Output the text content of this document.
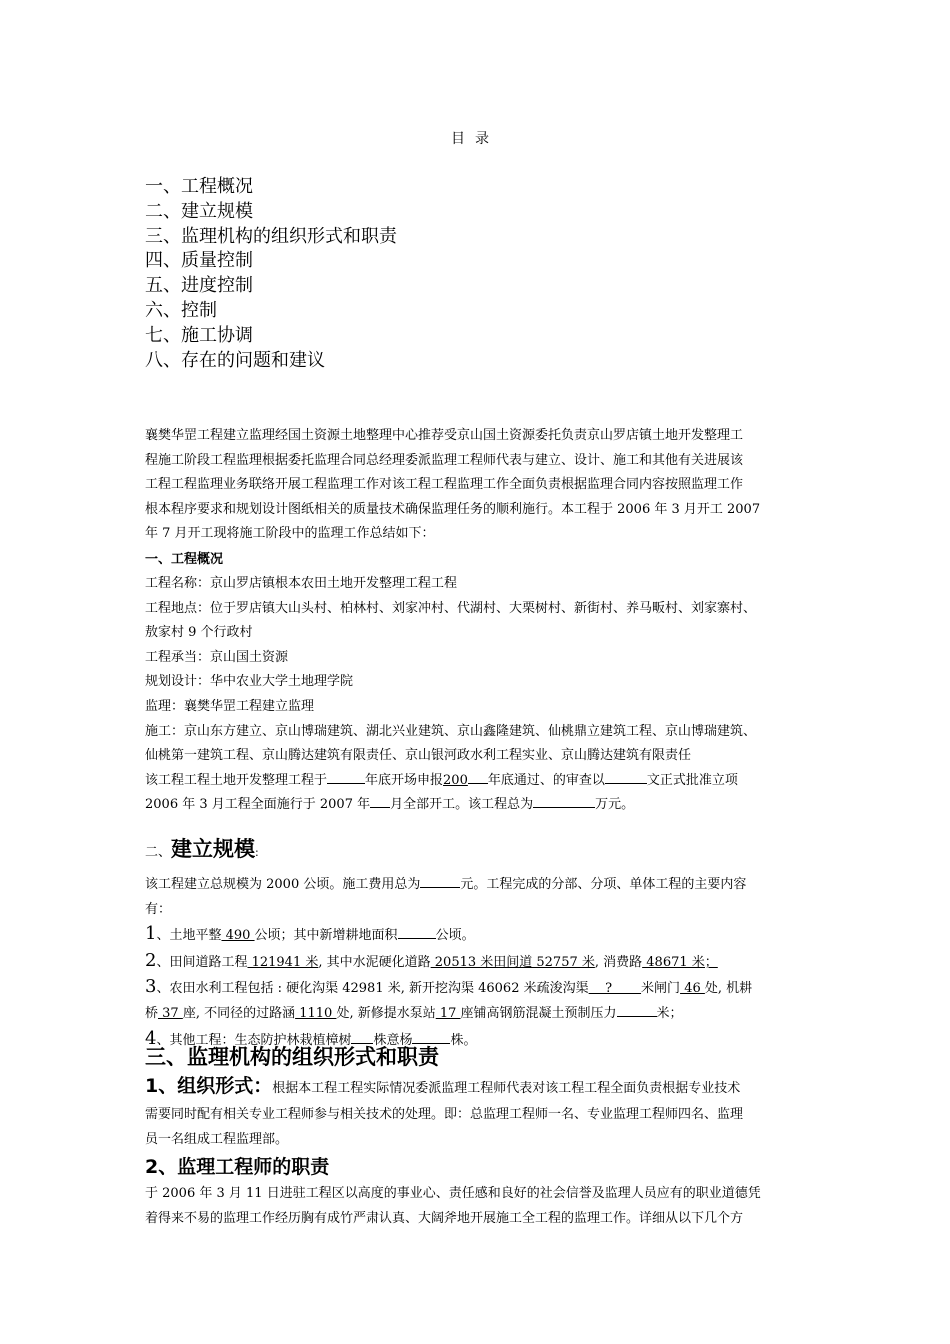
目录
一、工程概况
二、建立规模
三、监理机构的组织形式和职责
四、质量控制
五、进度控制
六、控制
七、施工协调
八、存在的问题和建议
襄樊华罡工程建立监理经国土资源土地整理中心推荐受京山国土资源委托负责京山罗店镇土地开发整理工
程施工阶段工程监理根据委托监理合同总经理委派监理工程师代表与建立、设计、施工和其他有关进展该
工程工程监理业务联络开展工程监理工作对该工程工程监理工作全面负责根据监理合同内容按照监理工作
根本程序要求和规划设计图纸相关的质量技术确保监理任务的顺利施行。本工程于 2006 年 3 月开工 2007
年 7 月开工现将施工阶段中的监理工作总结如下：
一、工程概况
工程名称：京山罗店镇根本农田土地开发整理工程工程
工程地点：位于罗店镇大山头村、柏林村、刘家冲村、代湖村、大栗树村、新街村、养马畈村、刘家寨村、
敖家村 9 个行政村
工程承当：京山国土资源
规划设计：华中农业大学土地理学院
监理：襄樊华罡工程建立监理
施工：京山东方建立、京山博瑞建筑、湖北兴业建筑、京山鑫隆建筑、仙桃鼎立建筑工程、京山博瑞建筑、
仙桃第一建筑工程、京山腾达建筑有限责任、京山银河政水利工程实业、京山腾达建筑有限责任
该工程工程土地开发整理工程于	年底开场申报200 年底通过、的审查以	文正式批准立项
2006 年 3 月工程全面施行于 2007 年 月全部开工。该工程总为	万元。
二、建立规模:
该工程建立总规模为 2000 公顷。施工费用总为	元。工程完成的分部、分项、单体工程的主要内容
有：
1、土地平整 490 公顷；其中新增耕地面积	公顷。
2、田间道路工程 121941 米, 其中水泥硬化道路 20513 米田间道 52757 米, 消费路 48671 米；
3、农田水利工程包括 : 硬化沟渠 42981 米, 新开挖沟渠 46062 米疏浚沟渠    ?       米闸门 46 处, 机耕
桥 37 座, 不同径的过路涵 1110 处, 新修提水泵站 17 座铺高钢筋混凝土预制压力	米；
4、其他工程：生态防护林栽植樟树 株意杨	株。
三、监理机构的组织形式和职责
1、组织形式：根据本工程工程实际情况委派监理工程师代表对该工程工程全面负责根据专业技术
需要同时配有相关专业工程师参与相关技术的处理。即：总监理工程师一名、专业监理工程师四名、监理
员一名组成工程监理部。
2、监理工程师的职责
于 2006 年 3 月 11 日进驻工程区以高度的事业心、责任感和良好的社会信誉及监理人员应有的职业道德凭
着得来不易的监理工作经历胸有成竹严肃认真、大阔斧地开展施工全工程的监理工作。详细从以下几个方
